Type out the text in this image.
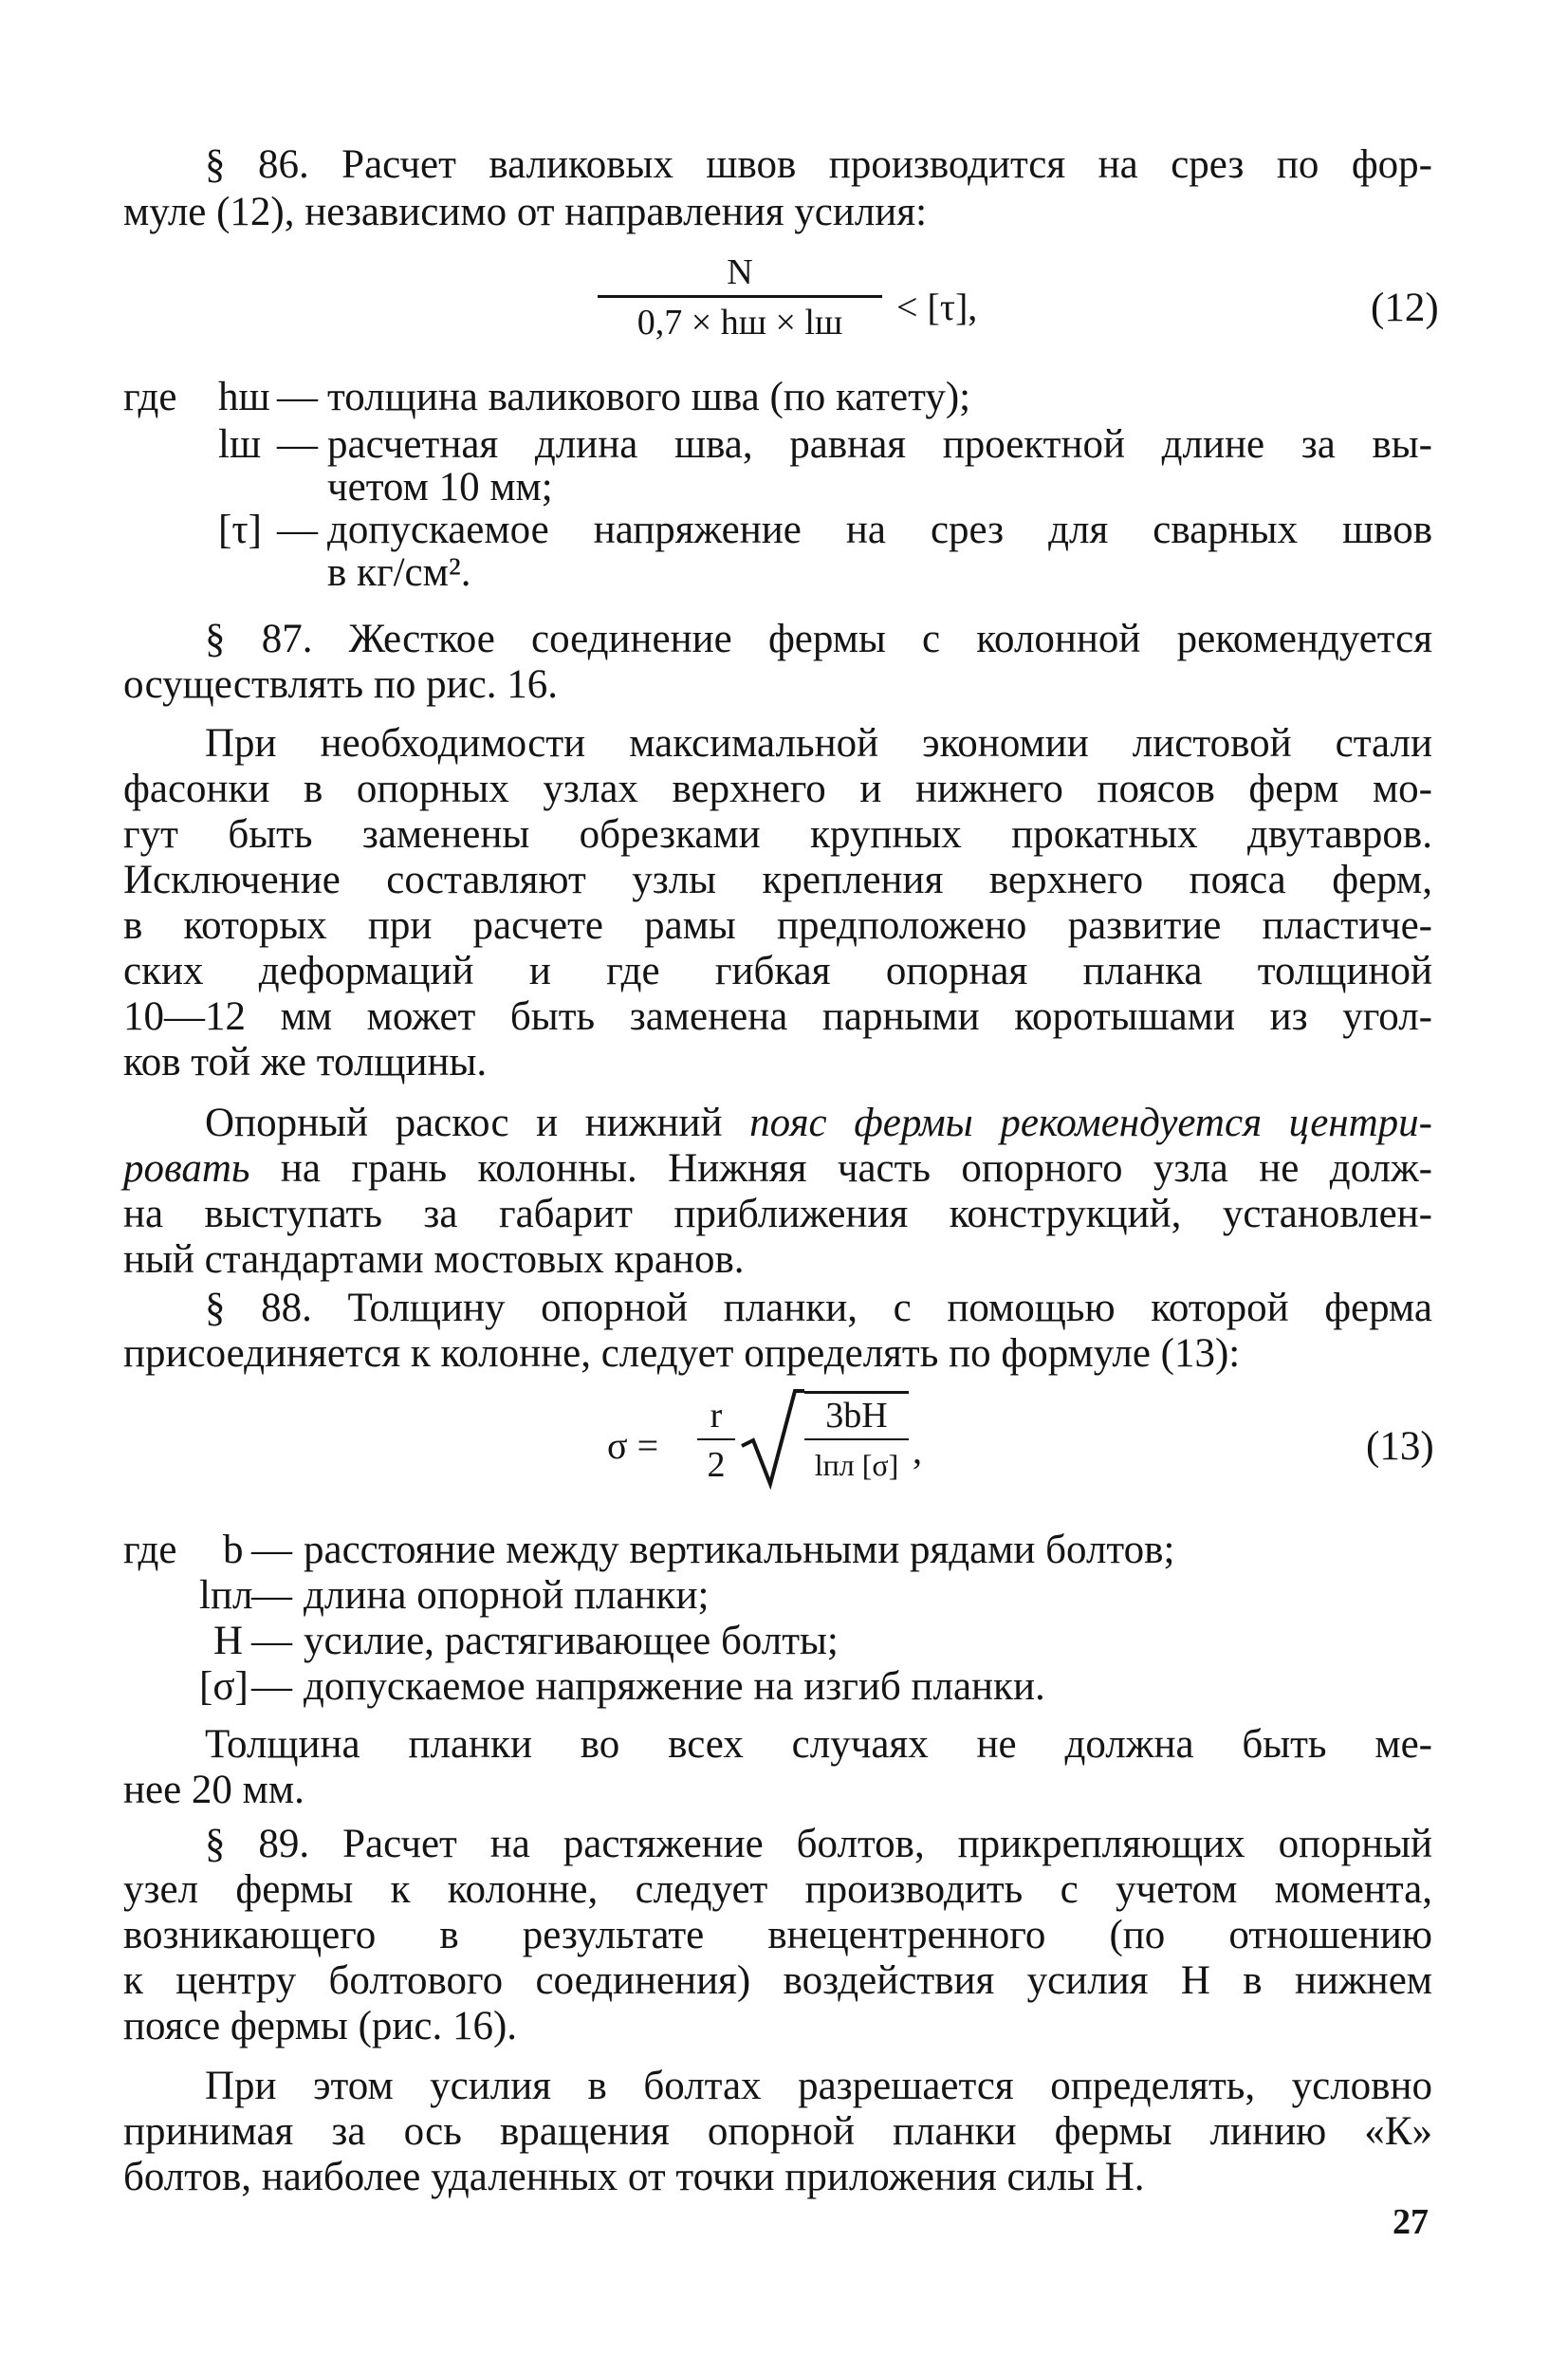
§ 86. Расчет валиковых швов производится на срез по фор-
муле (12), независимо от направления усилия:
N
0,7 × hш × lш	< [τ],	(12)
где hш — толщина валикового шва (по катету);
lш — расчетная длина шва, равная проектной длине за вы-
четом 10 мм;
[τ] — допускаемое напряжение на срез для сварных швов
в кг/см².
§ 87. Жесткое соединение фермы с колонной рекомендуется
осуществлять по рис. 16.
При необходимости максимальной экономии листовой стали
фасонки в опорных узлах верхнего и нижнего поясов ферм мо-
гут быть заменены обрезками крупных прокатных двутавров.
Исключение составляют узлы крепления верхнего пояса ферм,
в которых при расчете рамы предположено развитие пластиче-
ских деформаций и где гибкая опорная планка толщиной
10—12 мм может быть заменена парными коротышами из угол-
ков той же толщины.
Опорный раскос и нижний пояс фермы рекомендуется центри-
ровать на грань колонны. Нижняя часть опорного узла не долж-
на выступать за габарит приближения конструкций, установлен-
ный стандартами мостовых кранов.
§ 88. Толщину опорной планки, с помощью которой ферма
присоединяется к колонне, следует определять по формуле (13):
σ =
r
2
3bH
lпл [σ] ,	(13)
где b — расстояние между вертикальными рядами болтов;
lпл
— длина опорной планки;
H — усилие, растягивающее болты;
[σ] — допускаемое напряжение на изгиб планки.
Толщина планки во всех случаях не должна быть ме-
нее 20 мм.
§ 89. Расчет на растяжение болтов, прикрепляющих опорный
узел фермы к колонне, следует производить с учетом момента,
возникающего в результате внецентренного (по отношению
к центру болтового соединения) воздействия усилия H в нижнем
поясе фермы (рис. 16).
При этом усилия в болтах разрешается определять, условно
принимая за ось вращения опорной планки фермы линию «К»
болтов, наиболее удаленных от точки приложения силы H.
27
